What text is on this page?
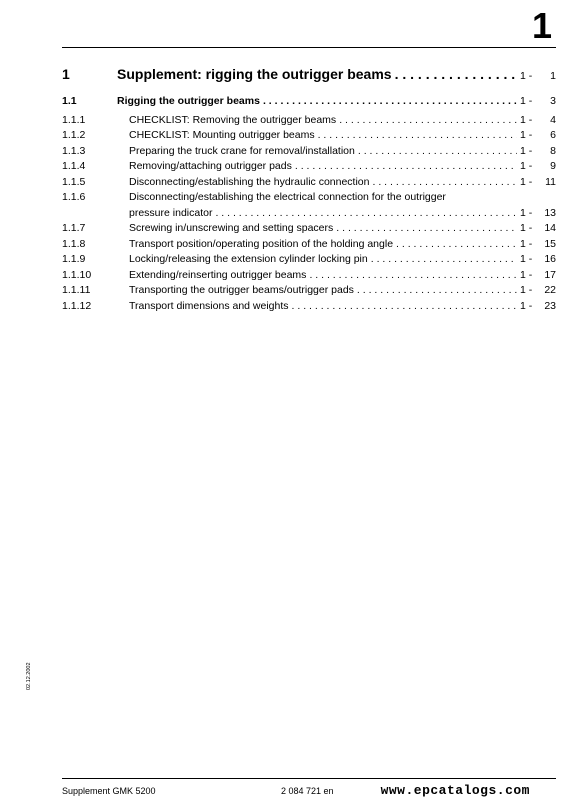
1
1	Supplement: rigging the outrigger beams . . .	1 - 1
1.1	Rigging the outrigger beams . . .	1 - 3
1.1.1	CHECKLIST: Removing the outrigger beams . . .	1 - 4
1.1.2	CHECKLIST: Mounting outrigger beams . . .	1 - 6
1.1.3	Preparing the truck crane for removal/installation . . .	1 - 8
1.1.4	Removing/attaching outrigger pads . . .	1 - 9
1.1.5	Disconnecting/establishing the hydraulic connection . . .	1 - 11
1.1.6	Disconnecting/establishing the electrical connection for the outrigger
pressure indicator . . .	1 - 13
1.1.7	Screwing in/unscrewing and setting spacers . . .	1 - 14
1.1.8	Transport position/operating position of the holding angle . . .	1 - 15
1.1.9	Locking/releasing the extension cylinder locking pin . . .	1 - 16
1.1.10	Extending/reinserting outrigger beams . . .	1 - 17
1.1.11	Transporting the outrigger beams/outrigger pads . . .	1 - 22
1.1.12	Transport dimensions and weights . . .	1 - 23
02.12.2002
Supplement GMK 5200	2 084 721 en	www.epcatalogs.com
